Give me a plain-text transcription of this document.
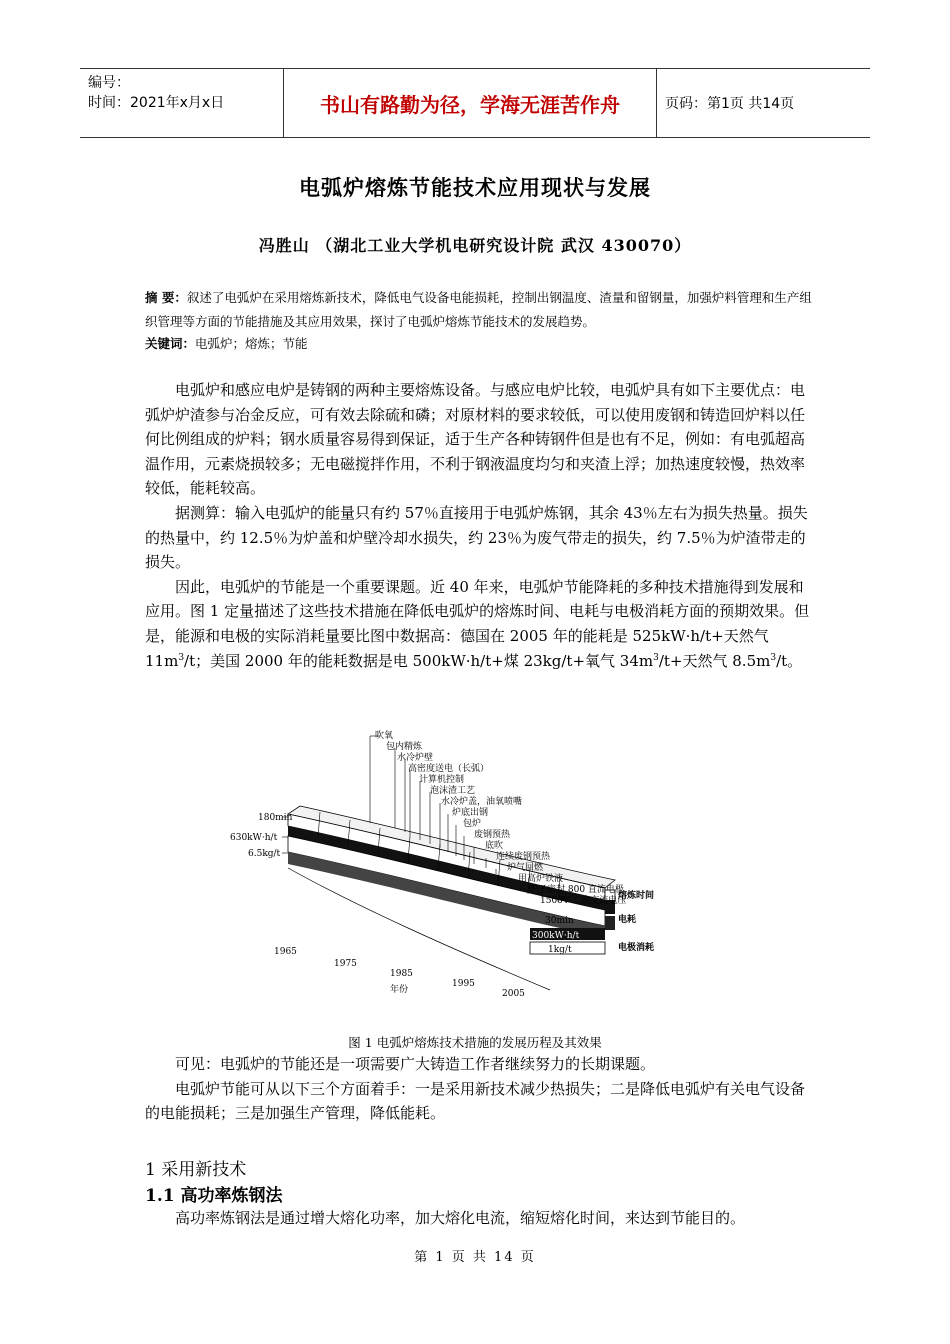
编号：
时间：2021年x月x日	书山有路勤为径，学海无涯苦作舟	页码：第1页 共14页
电弧炉熔炼节能技术应用现状与发展
冯胜山 （湖北工业大学机电研究设计院 武汉 430070）
摘 要：叙述了电弧炉在采用熔炼新技术，降低电气设备电能损耗，控制出钢温度、渣量和留钢量，加强炉料管理和生产组织管理等方面的节能措施及其应用效果，探讨了电弧炉熔炼节能技术的发展趋势。
关键词：电弧炉；熔炼；节能

电弧炉和感应电炉是铸钢的两种主要熔炼设备。与感应电炉比较，电弧炉具有如下主要优点：电弧炉炉渣参与冶金反应，可有效去除硫和磷；对原材料的要求较低，可以使用废钢和铸造回炉料以任何比例组成的炉料；钢水质量容易得到保证，适于生产各种铸钢件但是也有不足，例如：有电弧超高温作用，元素烧损较多；无电磁搅拌作用，不利于钢液温度均匀和夹渣上浮；加热速度较慢，热效率较低，能耗较高。

据测算：输入电弧炉的能量只有约 57％直接用于电弧炉炼钢，其余 43％左右为损失热量。损失的热量中，约 12.5％为炉盖和炉壁冷却水损失，约 23％为废气带走的损失，约 7.5％为炉渣带走的损失。

因此，电弧炉的节能是一个重要课题。近 40 年来，电弧炉节能降耗的多种技术措施得到发展和应用。图 1 定量描述了这些技术措施在降低电弧炉的熔炼时间、电耗与电极消耗方面的预期效果。但是，能源和电极的实际消耗量要比图中数据高：德国在 2005 年的能耗是 525kW·h/t+天然气 $11m^3/t$；美国 2000 年的能耗数据是电 500kW·h/t+煤 23kg/t+氧气 $34m^3/t+$天然气 $8.5m^3/t$。

吹氧
包内精炼
水冷炉壁
高密度送电（长弧）
计算机控制
泡沫渣工艺
水冷炉盖，油氧喷嘴
炉底出钢
包炉
废钢预热
底吹
连续废钢预热
炉气回燃
用高炉铁液
炉子密封 800 直流电极
1500V 二次交流电压
180min
630kW·h/t
6.5kg/t
30min
300kW·h/t
1kg/t
熔炼时间
电耗
电极消耗
1965
1975
1985
1995
2005
年份
图 1 电弧炉熔炼技术措施的发展历程及其效果

可见：电弧炉的节能还是一项需要广大铸造工作者继续努力的长期课题。

电弧炉节能可从以下三个方面着手：一是采用新技术减少热损失；二是降低电弧炉有关电气设备的电能损耗；三是加强生产管理，降低能耗。

1 采用新技术
1.1 高功率炼钢法

高功率炼钢法是通过增大熔化功率，加大熔化电流，缩短熔化时间，来达到节能目的。

第 1 页 共 14 页
